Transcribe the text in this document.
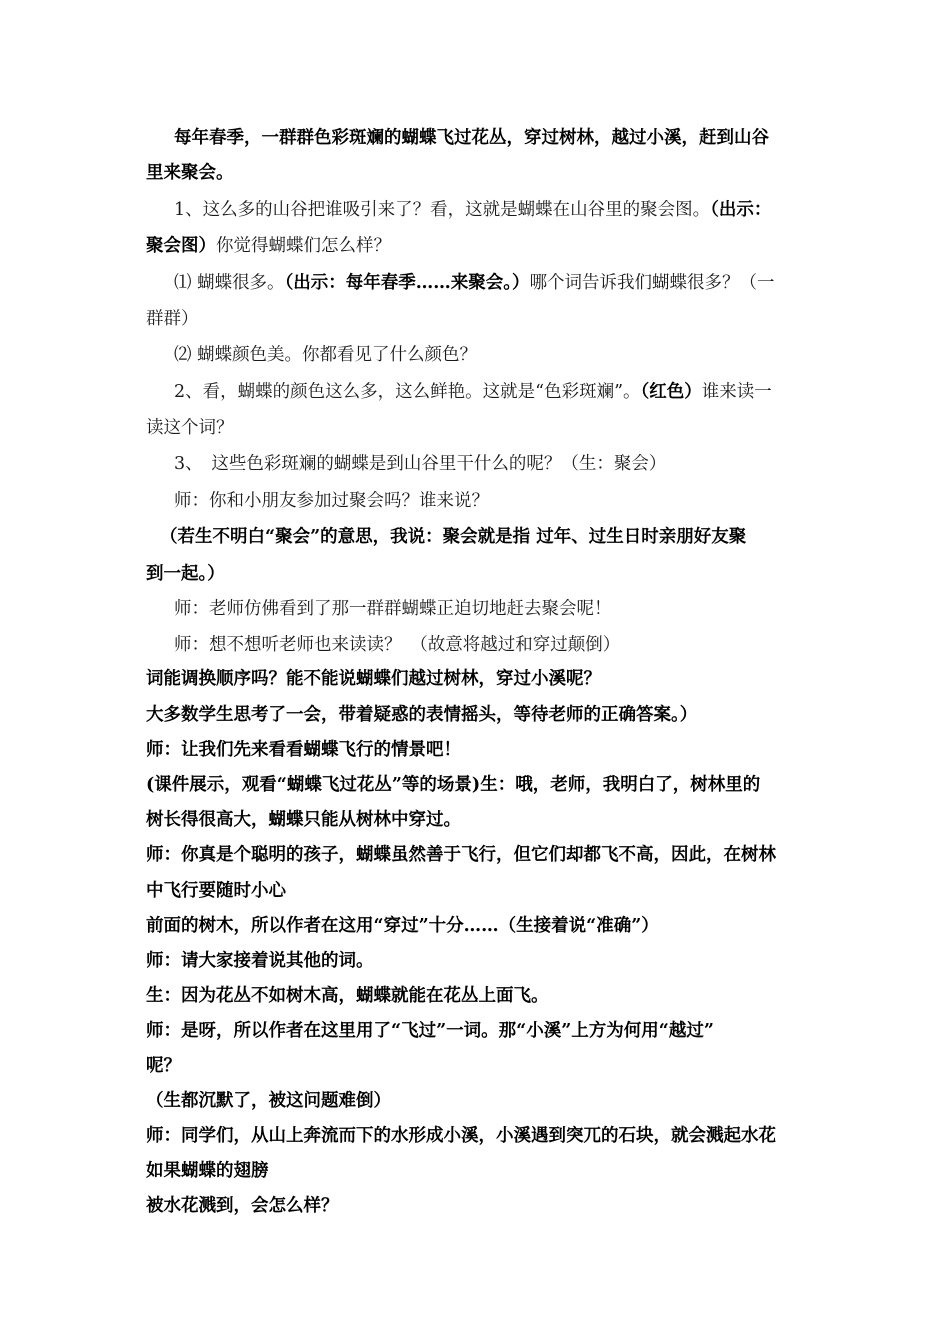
每年春季，一群群色彩斑斓的蝴蝶飞过花丛，穿过树林，越过小溪，赶到山谷
里来聚会。
1、这么多的山谷把谁吸引来了？看，这就是蝴蝶在山谷里的聚会图。（出示：
聚会图）你觉得蝴蝶们怎么样？
⑴ 蝴蝶很多。（出示：每年春季……来聚会。）哪个词告诉我们蝴蝶很多？（一
群群）
⑵ 蝴蝶颜色美。你都看见了什么颜色？
2、看，蝴蝶的颜色这么多，这么鲜艳。这就是“色彩斑斓”。（红色）谁来读一
读这个词？
3、　这些色彩斑斓的蝴蝶是到山谷里干什么的呢？（生：聚会）
师：你和小朋友参加过聚会吗？谁来说？
（若生不明白“聚会”的意思，我说：聚会就是指 过年、过生日时亲朋好友聚
到一起。）
师：老师仿佛看到了那一群群蝴蝶正迫切地赶去聚会呢！
师：想不想听老师也来读读？　（故意将越过和穿过颠倒）
词能调换顺序吗？能不能说蝴蝶们越过树林，穿过小溪呢？
大多数学生思考了一会，带着疑惑的表情摇头，等待老师的正确答案。）
师：让我们先来看看蝴蝶飞行的情景吧！
(课件展示，观看“蝴蝶飞过花丛”等的场景)生：哦，老师，我明白了，树林里的
树长得很高大，蝴蝶只能从树林中穿过。
师：你真是个聪明的孩子，蝴蝶虽然善于飞行，但它们却都飞不高，因此，在树林
中飞行要随时小心
前面的树木，所以作者在这用“穿过”十分……（生接着说“准确”）
师：请大家接着说其他的词。
生：因为花丛不如树木高，蝴蝶就能在花丛上面飞。
师：是呀，所以作者在这里用了“飞过”一词。那“小溪”上方为何用“越过”
呢？
（生都沉默了，被这问题难倒）
师：同学们，从山上奔流而下的水形成小溪，小溪遇到突兀的石块，就会溅起水花
如果蝴蝶的翅膀
被水花溅到，会怎么样？
